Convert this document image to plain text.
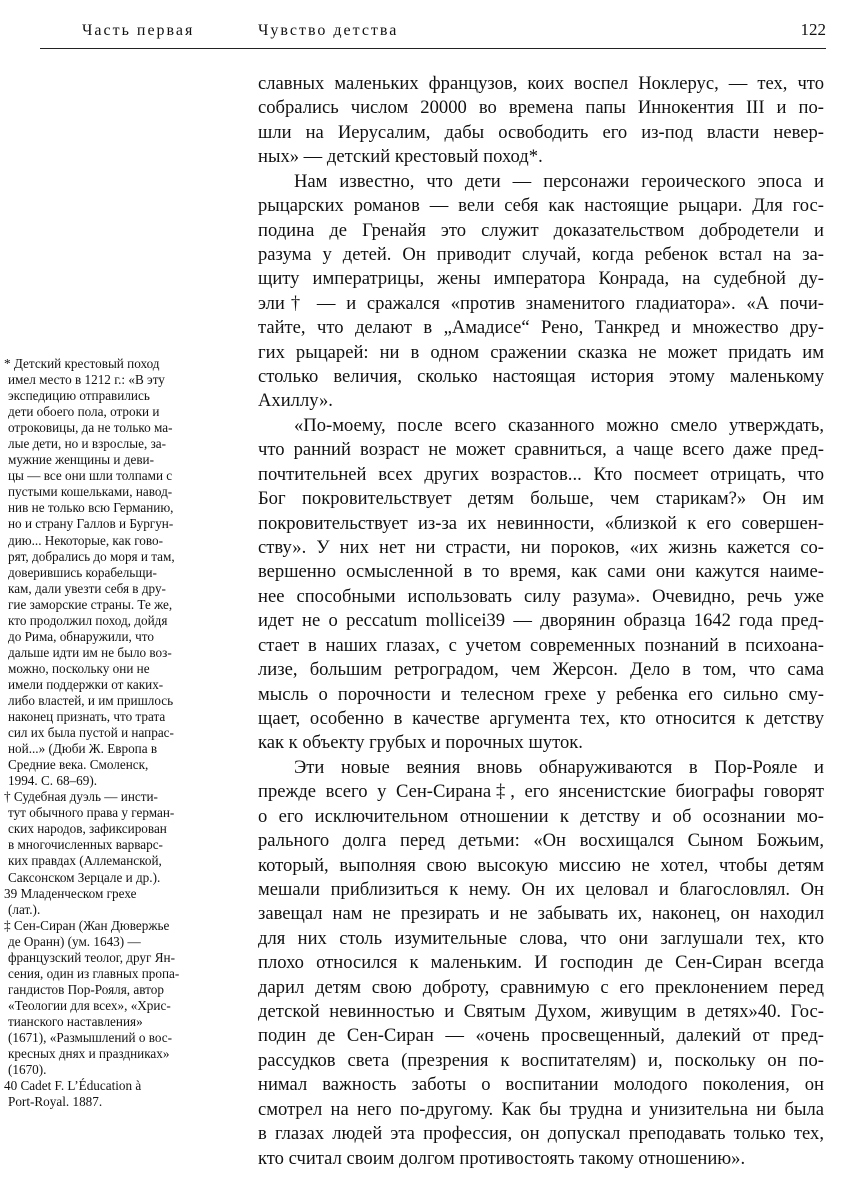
Часть первая	Чувство детства	122
* Детский крестовый поход
имел место в 1212 г.: «В эту
экспедицию отправились
дети обоего пола, отроки и
отроковицы, да не только ма-
лые дети, но и взрослые, за-
мужние женщины и деви-
цы — все они шли толпами с
пустыми кошельками, навод-
нив не только всю Германию,
но и страну Галлов и Бургун-
дию... Некоторые, как гово-
рят, добрались до моря и там,
доверившись корабельщи-
кам, дали увезти себя в дру-
гие заморские страны. Те же,
кто продолжил поход, дойдя
до Рима, обнаружили, что
дальше идти им не было воз-
можно, поскольку они не
имели поддержки от каких-
либо властей, и им пришлось
наконец признать, что трата
сил их была пустой и напрас-
ной...» (Дюби Ж. Европа в
Средние века. Смоленск,
1994. С. 68–69).
† Судебная дуэль — инсти-
тут обычного права у герман-
ских народов, зафиксирован
в многочисленных варварс-
ких правдах (Аллеманской,
Саксонском Зерцале и др.).
39 Младенческом грехе
(лат.).
‡ Сен-Сиран (Жан Дювержье
де Оранн) (ум. 1643) —
французский теолог, друг Ян-
сения, один из главных пропа-
гандистов Пор-Рояля, автор
«Теологии для всех», «Хрис-
тианского наставления»
(1671), «Размышлений о вос-
кресных днях и праздниках»
(1670).
40 Cadet F. L’Éducation à
Port-Royal. 1887.
славных маленьких французов, коих воспел Ноклерус, — тех, что
собрались числом 20000 во времена папы Иннокентия III и по-
шли на Иерусалим, дабы освободить его из-под власти невер-
ных» — детский крестовый поход*.
Нам известно, что дети — персонажи героического эпоса и
рыцарских романов — вели себя как настоящие рыцари. Для гос-
подина де Гренайя это служит доказательством добродетели и
разума у детей. Он приводит случай, когда ребенок встал на за-
щиту императрицы, жены императора Конрада, на судебной ду-
эли† — и сражался «против знаменитого гладиатора». «А почи-
тайте, что делают в „Амадисе“ Рено, Танкред и множество дру-
гих рыцарей: ни в одном сражении сказка не может придать им
столько величия, сколько настоящая история этому маленькому
Ахиллу».
«По-моему, после всего сказанного можно смело утверждать,
что ранний возраст не может сравниться, а чаще всего даже пред-
почтительней всех других возрастов... Кто посмеет отрицать, что
Бог покровительствует детям больше, чем старикам?» Он им
покровительствует из-за их невинности, «близкой к его совершен-
ству». У них нет ни страсти, ни пороков, «их жизнь кажется со-
вершенно осмысленной в то время, как сами они кажутся наиме-
нее способными использовать силу разума». Очевидно, речь уже
идет не о peccatum mollicei39 — дворянин образца 1642 года пред-
стает в наших глазах, с учетом современных познаний в психоана-
лизе, большим ретроградом, чем Жерсон. Дело в том, что сама
мысль о порочности и телесном грехе у ребенка его сильно сму-
щает, особенно в качестве аргумента тех, кто относится к детству
как к объекту грубых и порочных шуток.
Эти новые веяния вновь обнаруживаются в Пор-Рояле и
прежде всего у Сен-Сирана‡, его янсенистские биографы говорят
о его исключительном отношении к детству и об осознании мо-
рального долга перед детьми: «Он восхищался Сыном Божьим,
который, выполняя свою высокую миссию не хотел, чтобы детям
мешали приблизиться к нему. Он их целовал и благословлял. Он
завещал нам не презирать и не забывать их, наконец, он находил
для них столь изумительные слова, что они заглушали тех, кто
плохо относился к маленьким. И господин де Сен-Сиран всегда
дарил детям свою доброту, сравнимую с его преклонением перед
детской невинностью и Святым Духом, живущим в детях»40. Гос-
подин де Сен-Сиран — «очень просвещенный, далекий от пред-
рассудков света (презрения к воспитателям) и, поскольку он по-
нимал важность заботы о воспитании молодого поколения, он
смотрел на него по-другому. Как бы трудна и унизительна ни была
в глазах людей эта профессия, он допускал преподавать только тех,
кто считал своим долгом противостоять такому отношению».
